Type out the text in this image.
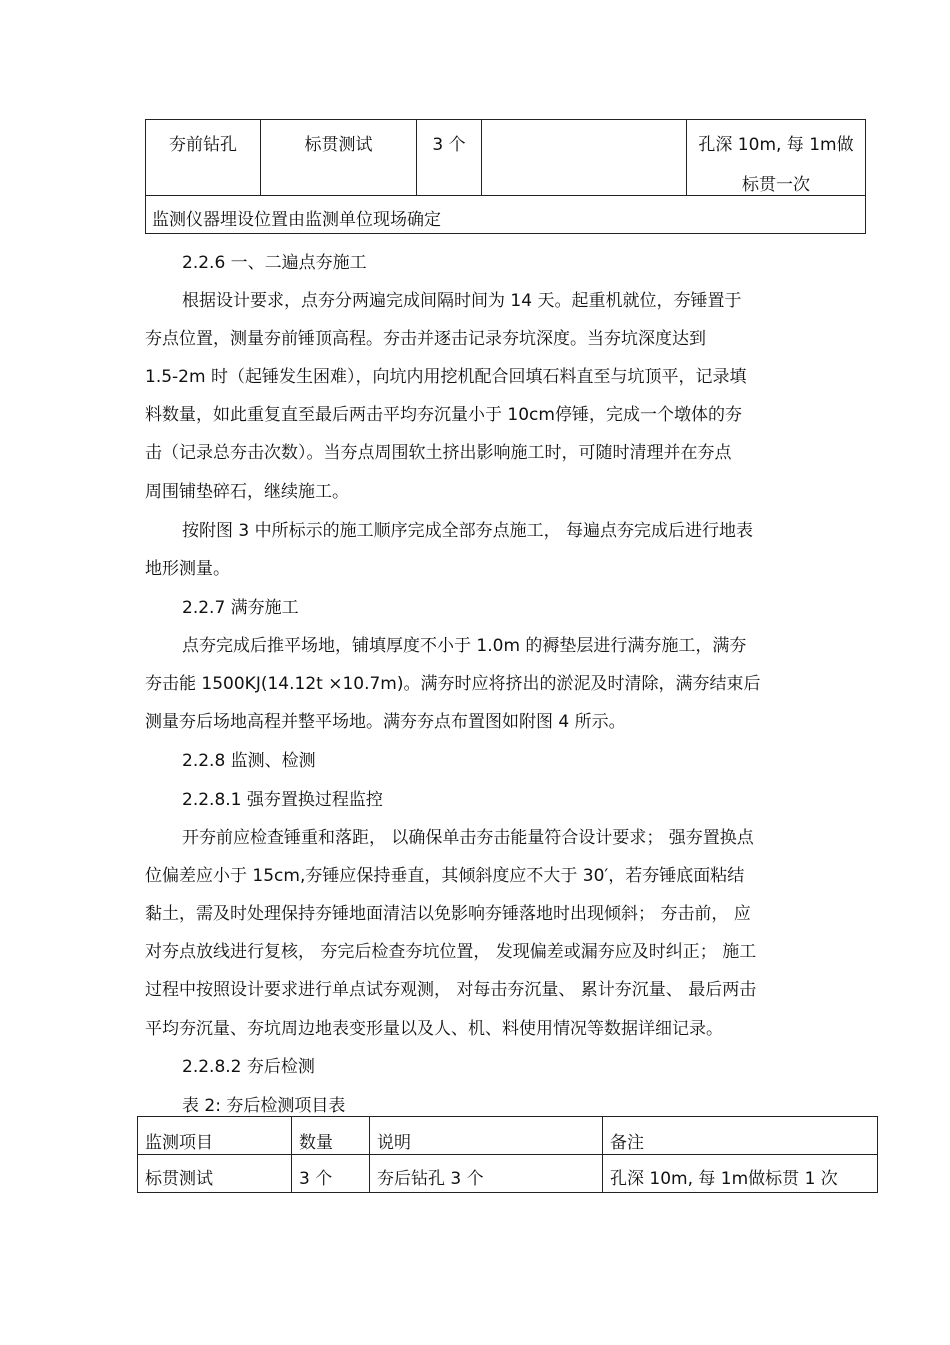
夯前钻孔	标贯测试	3 个		孔深 10m, 每 1m做
标贯一次

监测仪器埋设位置由监测单位现场确定
2.2.6 一、二遍点夯施工
根据设计要求，点夯分两遍完成间隔时间为 14 天。起重机就位，夯锤置于
夯点位置，测量夯前锤顶高程。夯击并逐击记录夯坑深度。当夯坑深度达到
1.5-2m 时（起锤发生困难），向坑内用挖机配合回填石料直至与坑顶平，记录填
料数量，如此重复直至最后两击平均夯沉量小于 10cm停锤，完成一个墩体的夯
击（记录总夯击次数）。当夯点周围软土挤出影响施工时，可随时清理并在夯点
周围铺垫碎石，继续施工。
按附图 3 中所标示的施工顺序完成全部夯点施工， 每遍点夯完成后进行地表
地形测量。
2.2.7 满夯施工
点夯完成后推平场地，铺填厚度不小于 1.0m 的褥垫层进行满夯施工，满夯
夯击能 1500KJ(14.12t ×10.7m)。满夯时应将挤出的淤泥及时清除，满夯结束后
测量夯后场地高程并整平场地。满夯夯点布置图如附图 4 所示。
2.2.8 监测、检测
2.2.8.1 强夯置换过程监控
开夯前应检查锤重和落距， 以确保单击夯击能量符合设计要求； 强夯置换点
位偏差应小于 15cm,夯锤应保持垂直，其倾斜度应不大于 30′，若夯锤底面粘结
黏土，需及时处理保持夯锤地面清洁以免影响夯锤落地时出现倾斜； 夯击前， 应
对夯点放线进行复核， 夯完后检查夯坑位置， 发现偏差或漏夯应及时纠正； 施工
过程中按照设计要求进行单点试夯观测， 对每击夯沉量、 累计夯沉量、 最后两击
平均夯沉量、夯坑周边地表变形量以及人、机、料使用情况等数据详细记录。
2.2.8.2 夯后检测
表 2: 夯后检测项目表
监测项目	数量	说明	备注

标贯测试	3 个	夯后钻孔 3 个	孔深 10m, 每 1m做标贯 1 次
